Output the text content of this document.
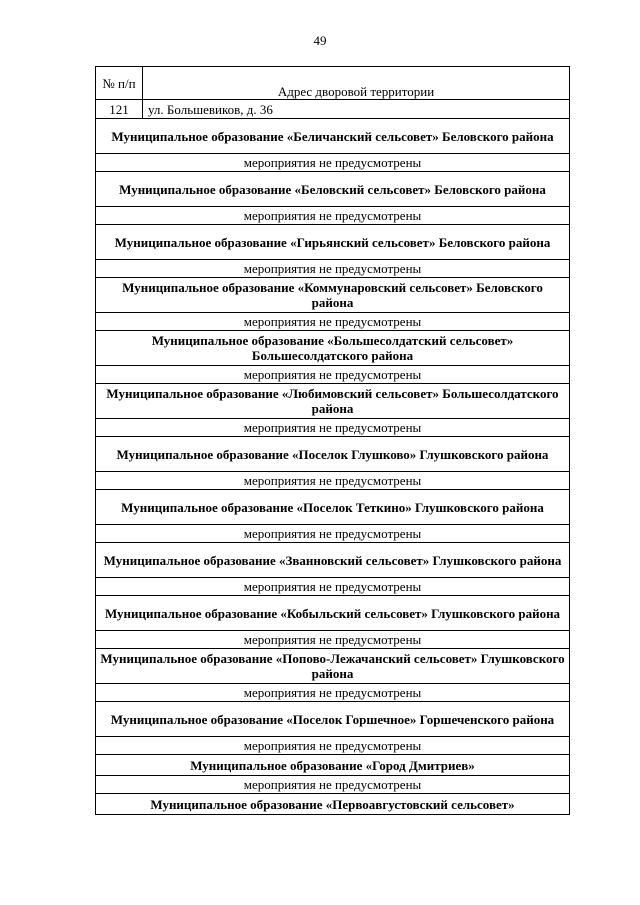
49
№ п/п	Адрес дворовой территории
121	ул. Большевиков, д. 36
Муниципальное образование «Беличанский сельсовет» Беловского района	
мероприятия не предусмотрены	
Муниципальное образование «Беловский сельсовет» Беловского района	
мероприятия не предусмотрены	
Муниципальное образование «Гирьянский сельсовет» Беловского района	
мероприятия не предусмотрены	
Муниципальное образование «Коммунаровский сельсовет» Беловского района	
мероприятия не предусмотрены	
Муниципальное образование «Большесолдатский сельсовет» Большесолдатского района	
мероприятия не предусмотрены	
Муниципальное образование «Любимовский сельсовет» Большесолдатского района	
мероприятия не предусмотрены	
Муниципальное образование «Поселок Глушково» Глушковского района	
мероприятия не предусмотрены	
Муниципальное образование «Поселок Теткино» Глушковского района	
мероприятия не предусмотрены	
Муниципальное образование «Званновский сельсовет» Глушковского района	
мероприятия не предусмотрены	
Муниципальное образование «Кобыльский сельсовет» Глушковского района	
мероприятия не предусмотрены	
Муниципальное образование «Попово-Лежачанский сельсовет» Глушковского района	
мероприятия не предусмотрены	
Муниципальное образование «Поселок Горшечное» Горшеченского района	
мероприятия не предусмотрены	
Муниципальное образование «Город Дмитриев»	
мероприятия не предусмотрены	
Муниципальное образование «Первоавгустовский сельсовет»	
